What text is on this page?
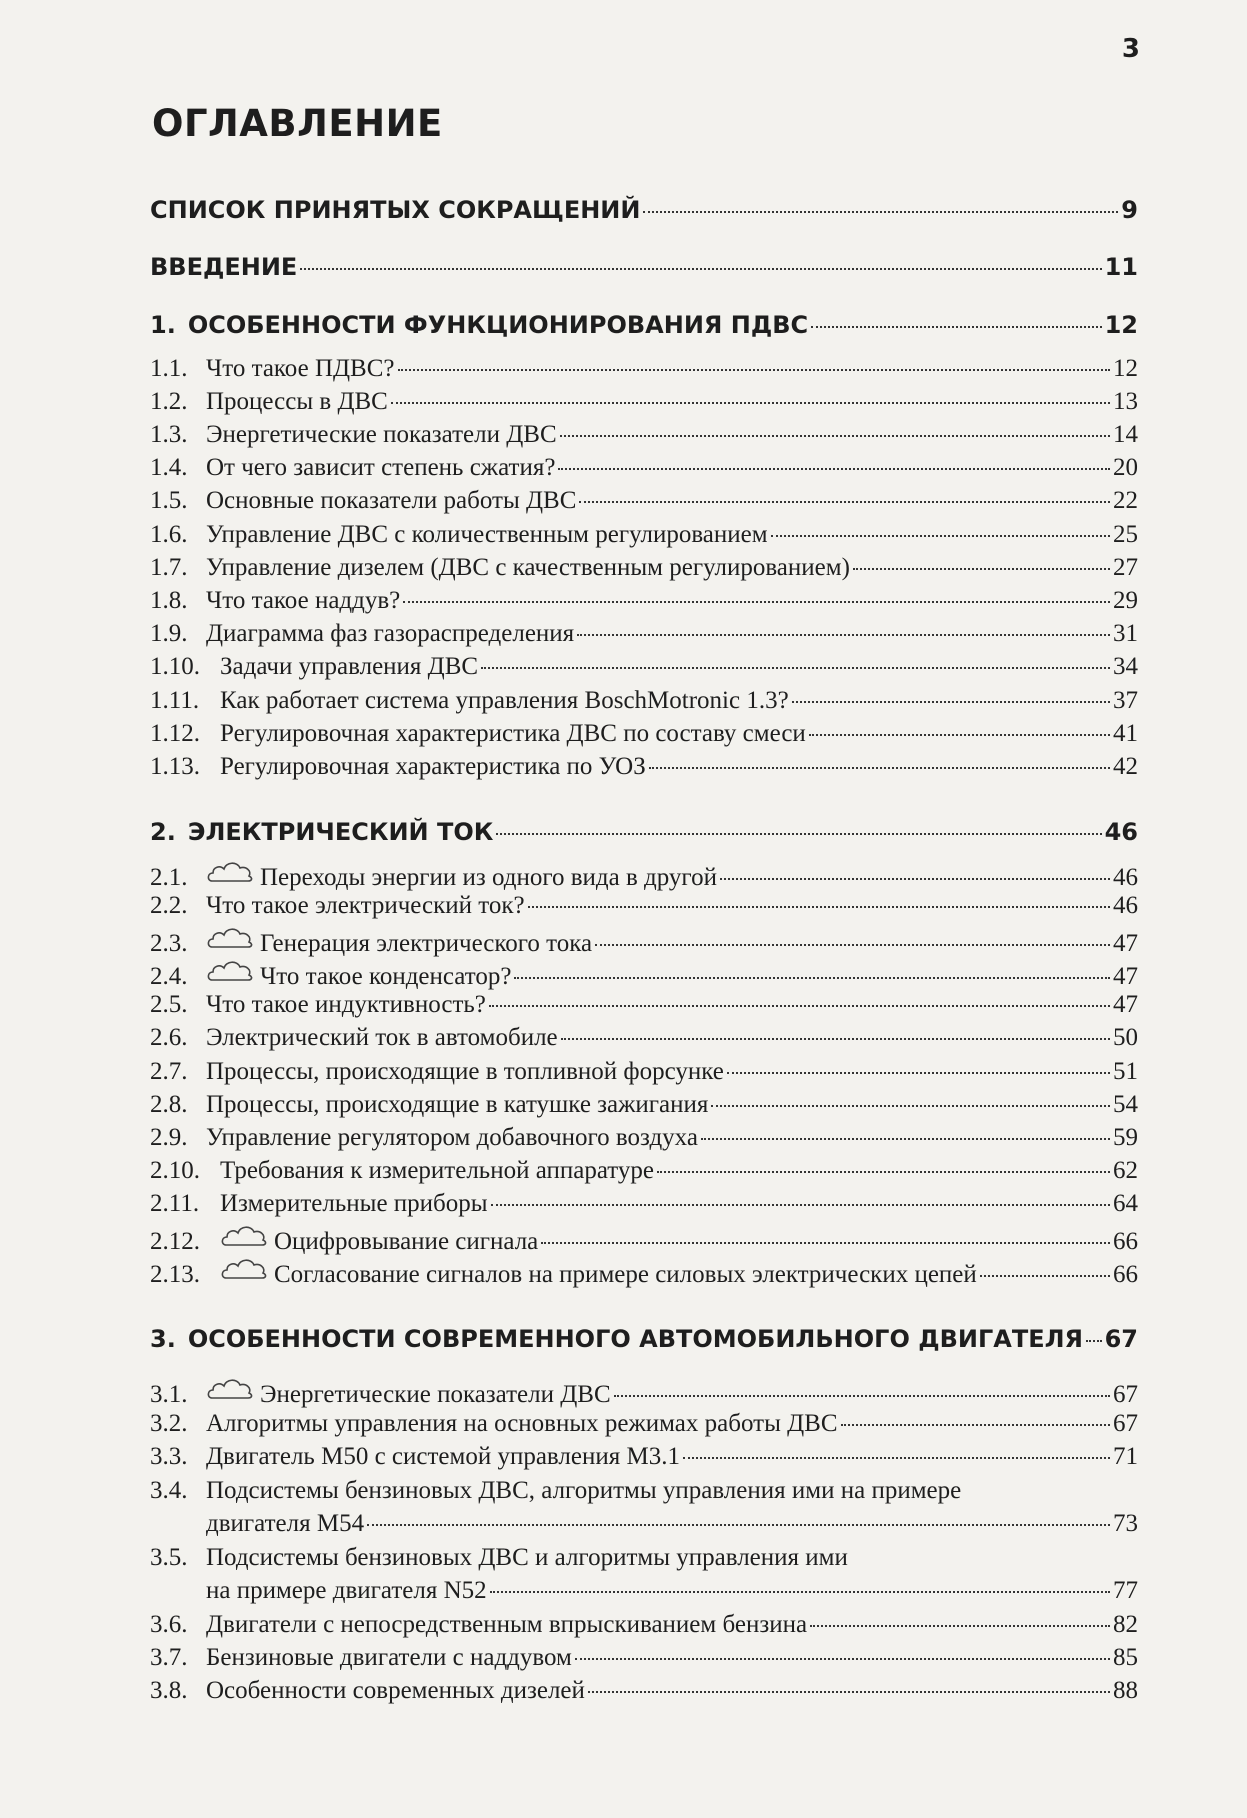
3
ОГЛАВЛЕНИЕ
СПИСОК ПРИНЯТЫХ СОКРАЩЕНИЙ	9
ВВЕДЕНИЕ	11
1. ОСОБЕННОСТИ ФУНКЦИОНИРОВАНИЯ ПДВС	12
1.1. Что такое ПДВС?	12
1.2. Процессы в ДВС	13
1.3. Энергетические показатели ДВС	14
1.4. От чего зависит степень сжатия?	20
1.5. Основные показатели работы ДВС	22
1.6. Управление ДВС с количественным регулированием	25
1.7. Управление дизелем (ДВС с качественным регулированием)	27
1.8. Что такое наддув?	29
1.9. Диаграмма фаз газораспределения	31
1.10. Задачи управления ДВС	34
1.11. Как работает система управления BoschMotronic 1.3?	37
1.12. Регулировочная характеристика ДВС по составу смеси	41
1.13. Регулировочная характеристика по УОЗ	42
2. ЭЛЕКТРИЧЕСКИЙ ТОК	46
2.1.	Переходы энергии из одного вида в другой	46
2.2. Что такое электрический ток?	46
2.3.	Генерация электрического тока	47
2.4.	Что такое конденсатор?	47
2.5. Что такое индуктивность?	47
2.6. Электрический ток в автомобиле	50
2.7. Процессы, происходящие в топливной форсунке	51
2.8. Процессы, происходящие в катушке зажигания	54
2.9. Управление регулятором добавочного воздуха	59
2.10. Требования к измерительной аппаратуре	62
2.11. Измерительные приборы	64
2.12.	Оцифровывание сигнала	66
2.13.	Согласование сигналов на примере силовых электрических цепей	66
3. ОСОБЕННОСТИ СОВРЕМЕННОГО АВТОМОБИЛЬНОГО ДВИГАТЕЛЯ 67
3.1.	Энергетические показатели ДВС	67
3.2. Алгоритмы управления на основных режимах работы ДВС	67
3.3. Двигатель М50 с системой управления М3.1	71
3.4. Подсистемы бензиновых ДВС, алгоритмы управления ими на примере
двигателя М54	73
3.5. Подсистемы бензиновых ДВС и алгоритмы управления ими
на примере двигателя N52	77
3.6. Двигатели с непосредственным впрыскиванием бензина	82
3.7. Бензиновые двигатели с наддувом	85
3.8. Особенности современных дизелей	88
